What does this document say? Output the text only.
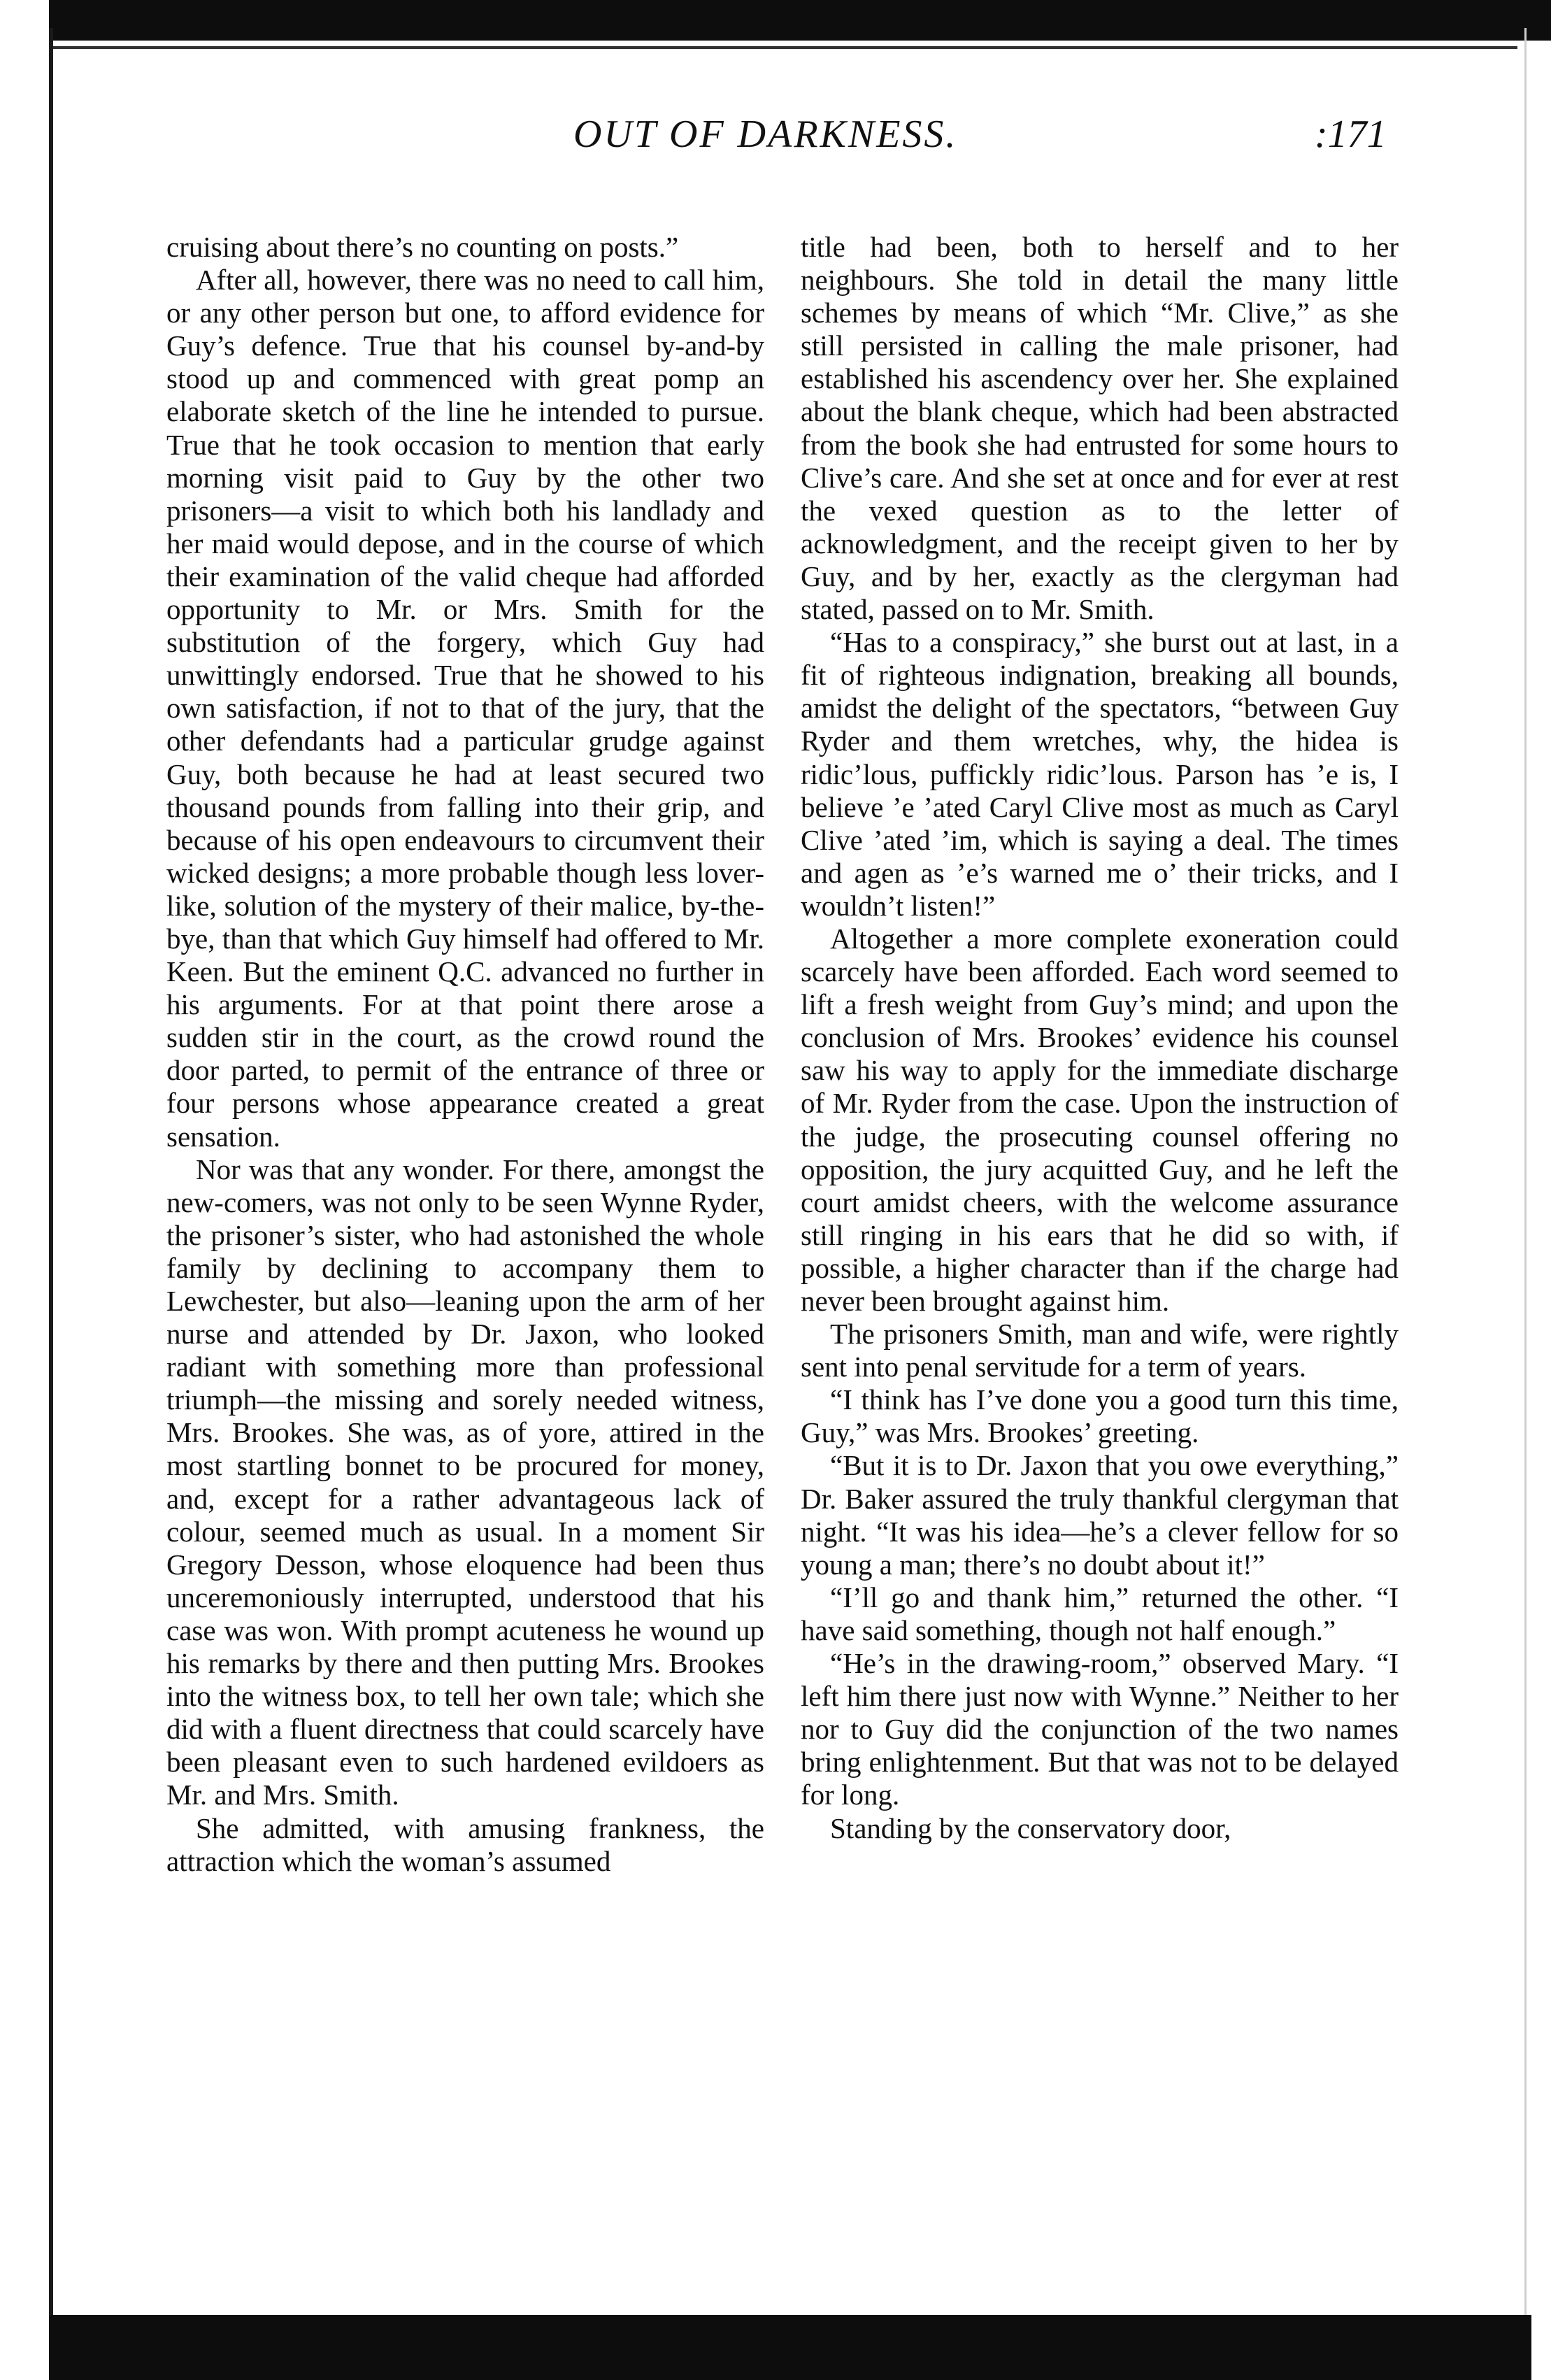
OUT OF DARKNESS.	:171

cruising about there’s no counting on posts.”

After all, however, there was no need to call him, or any other person but one, to afford evidence for Guy’s defence. True that his counsel by-and-by stood up and commenced with great pomp an elaborate sketch of the line he intended to pursue. True that he took occasion to mention that early morning visit paid to Guy by the other two prisoners—a visit to which both his landlady and her maid would depose, and in the course of which their examination of the valid cheque had afforded opportunity to Mr. or Mrs. Smith for the substitution of the forgery, which Guy had unwittingly endorsed. True that he showed to his own satisfaction, if not to that of the jury, that the other defendants had a particular grudge against Guy, both because he had at least secured two thousand pounds from falling into their grip, and because of his open endeavours to circumvent their wicked designs; a more probable though less lover-like, solution of the mystery of their malice, by-the-bye, than that which Guy himself had offered to Mr. Keen. But the eminent Q.C. advanced no further in his arguments. For at that point there arose a sudden stir in the court, as the crowd round the door parted, to permit of the entrance of three or four persons whose appearance created a great sensation.

Nor was that any wonder. For there, amongst the new-comers, was not only to be seen Wynne Ryder, the prisoner’s sister, who had astonished the whole family by declining to accompany them to Lewchester, but also—leaning upon the arm of her nurse and attended by Dr. Jaxon, who looked radiant with something more than professional triumph—the missing and sorely needed witness, Mrs. Brookes. She was, as of yore, attired in the most startling bonnet to be procured for money, and, except for a rather advantageous lack of colour, seemed much as usual. In a moment Sir Gregory Desson, whose eloquence had been thus unceremoniously interrupted, understood that his case was won. With prompt acuteness he wound up his remarks by there and then putting Mrs. Brookes into the witness box, to tell her own tale; which she did with a fluent directness that could scarcely have been pleasant even to such hardened evildoers as Mr. and Mrs. Smith.

She admitted, with amusing frankness, the attraction which the woman’s assumed

title had been, both to herself and to her neighbours. She told in detail the many little schemes by means of which “Mr. Clive,” as she still persisted in calling the male prisoner, had established his ascendency over her. She explained about the blank cheque, which had been abstracted from the book she had entrusted for some hours to Clive’s care. And she set at once and for ever at rest the vexed question as to the letter of acknowledgment, and the receipt given to her by Guy, and by her, exactly as the clergyman had stated, passed on to Mr. Smith.

“Has to a conspiracy,” she burst out at last, in a fit of righteous indignation, breaking all bounds, amidst the delight of the spectators, “between Guy Ryder and them wretches, why, the hidea is ridic’lous, puffickly ridic’lous. Parson has ’e is, I believe ’e ’ated Caryl Clive most as much as Caryl Clive ’ated ’im, which is saying a deal. The times and agen as ’e’s warned me o’ their tricks, and I wouldn’t listen!”

Altogether a more complete exoneration could scarcely have been afforded. Each word seemed to lift a fresh weight from Guy’s mind; and upon the conclusion of Mrs. Brookes’ evidence his counsel saw his way to apply for the immediate discharge of Mr. Ryder from the case. Upon the instruction of the judge, the prosecuting counsel offering no opposition, the jury acquitted Guy, and he left the court amidst cheers, with the welcome assurance still ringing in his ears that he did so with, if possible, a higher character than if the charge had never been brought against him.

The prisoners Smith, man and wife, were rightly sent into penal servitude for a term of years.

“I think has I’ve done you a good turn this time, Guy,” was Mrs. Brookes’ greeting.

“But it is to Dr. Jaxon that you owe everything,” Dr. Baker assured the truly thankful clergyman that night. “It was his idea—he’s a clever fellow for so young a man; there’s no doubt about it!”

“I’ll go and thank him,” returned the other. “I have said something, though not half enough.”

“He’s in the drawing-room,” observed Mary. “I left him there just now with Wynne.” Neither to her nor to Guy did the conjunction of the two names bring enlightenment. But that was not to be delayed for long.

Standing by the conservatory door,
